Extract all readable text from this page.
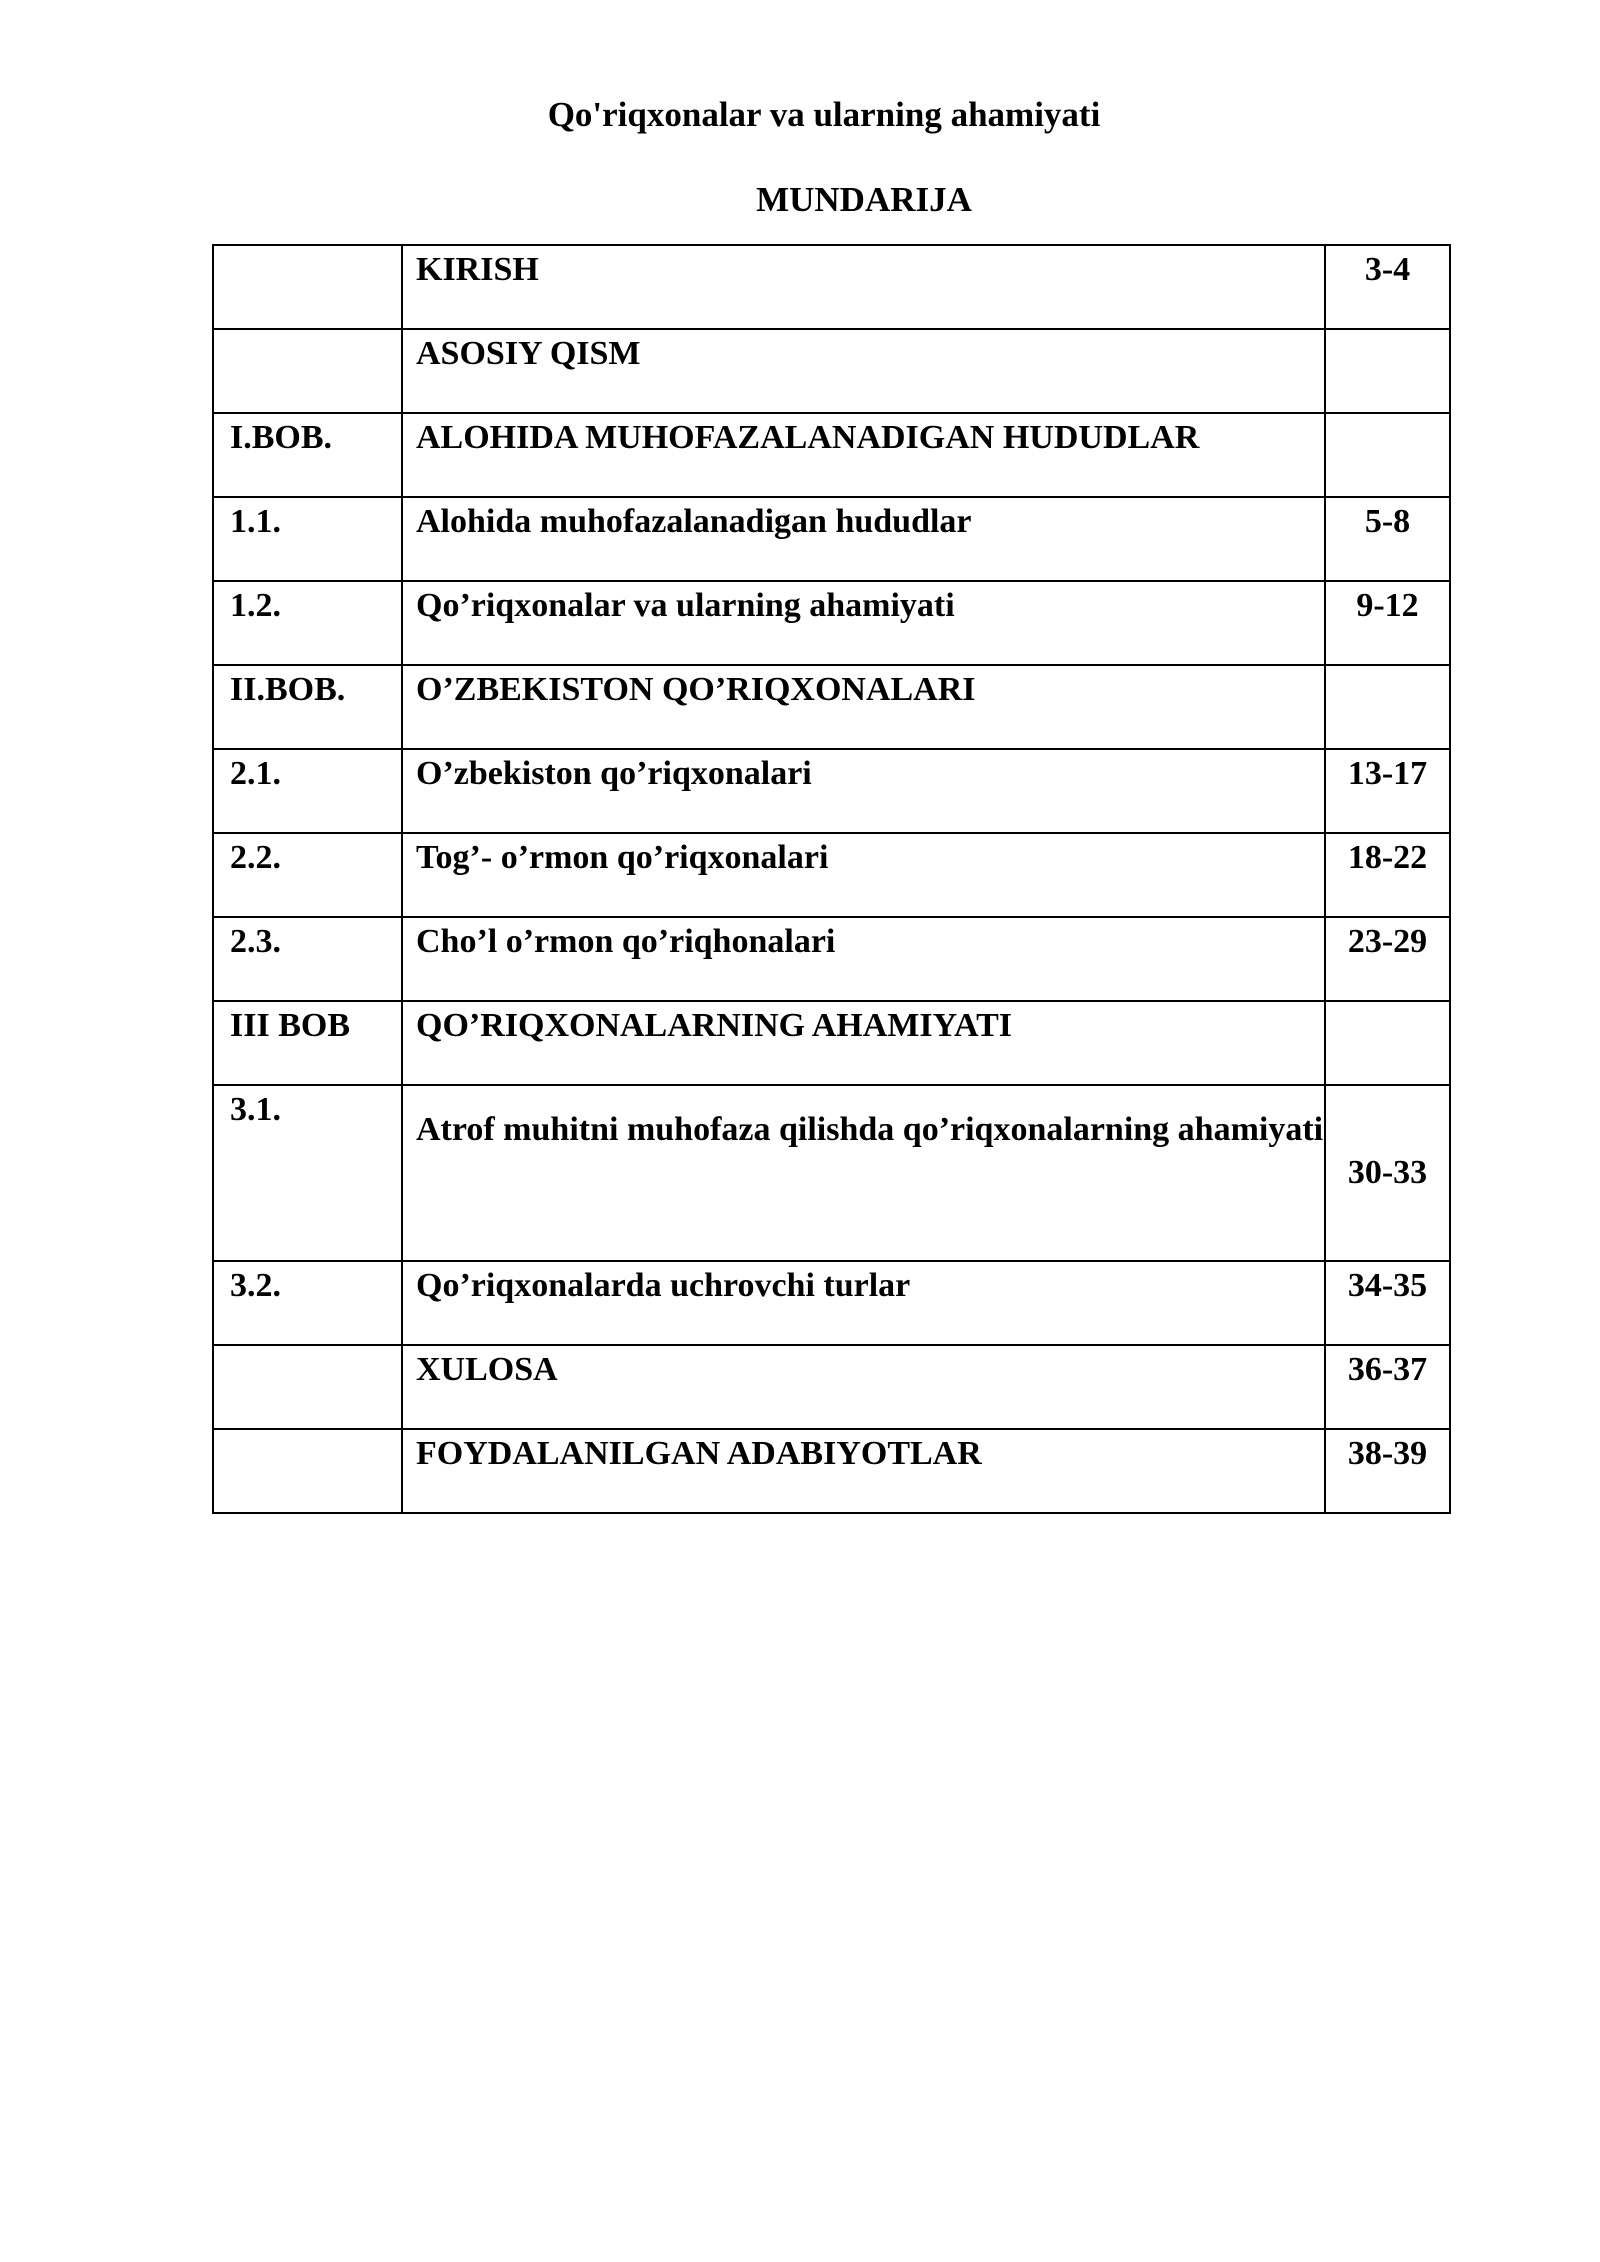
Qo'riqxonalar va ularning ahamiyati
MUNDARIJA
	KIRISH	3-4
	ASOSIY QISM	
I.BOB.	ALOHIDA MUHOFAZALANADIGAN HUDUDLAR	
1.1.	Alohida muhofazalanadigan hududlar	5-8
1.2.	Qo’riqxonalar va ularning ahamiyati	9-12
II.BOB.	O’ZBEKISTON QO’RIQXONALARI	
2.1.	O’zbekiston qo’riqxonalari	13-17
2.2.	Tog’- o’rmon qo’riqxonalari	18-22
2.3.	Cho’l o’rmon qo’riqhonalari	23-29
III BOB	QO’RIQXONALARNING AHAMIYATI	
3.1.	Atrof muhitni muhofaza qilishda qo’riqxonalarning ahamiyati	30-33
3.2.	Qo’riqxonalarda uchrovchi turlar	34-35
	XULOSA	36-37
	FOYDALANILGAN ADABIYOTLAR	38-39
